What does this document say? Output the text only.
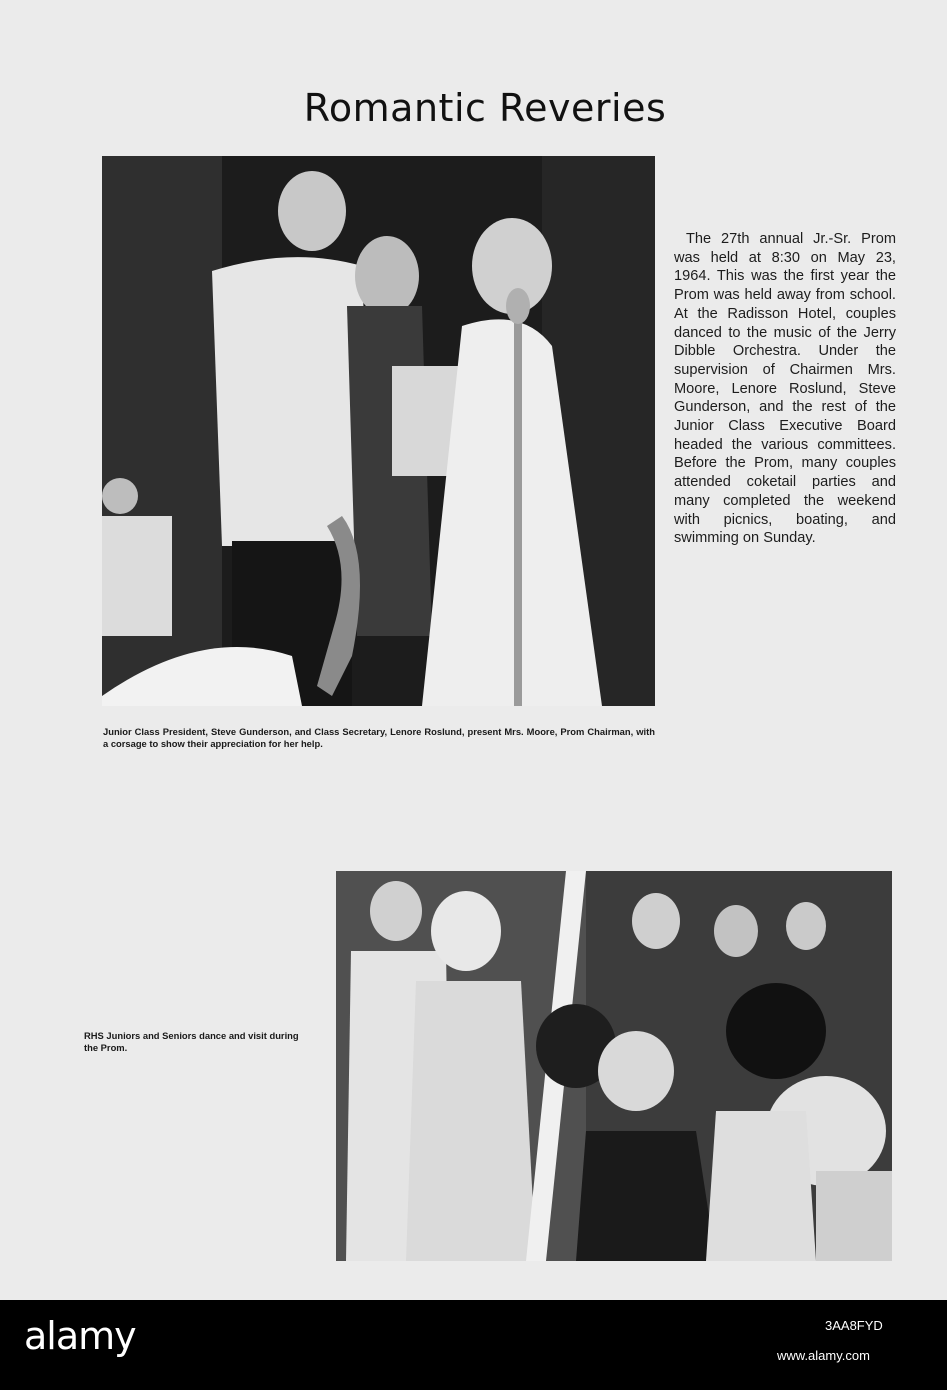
Romantic Reveries
The 27th annual Jr.-Sr. Prom was held at 8:30 on May 23, 1964. This was the first year the Prom was held away from school. At the Radisson Hotel, couples danced to the music of the Jerry Dibble Orchestra. Under the supervision of Chairmen Mrs. Moore, Lenore Roslund, Steve Gunderson, and the rest of the Junior Class Executive Board headed the various committees. Before the Prom, many couples attended coketail parties and many completed the weekend with picnics, boating, and swimming on Sunday.
Junior Class President, Steve Gunderson, and Class Secretary, Lenore Roslund, present Mrs. Moore, Prom Chairman, with a corsage to show their appreciation for her help.
RHS Juniors and Seniors dance and visit during the Prom.
alamy	3AA8FYD
www.alamy.com
